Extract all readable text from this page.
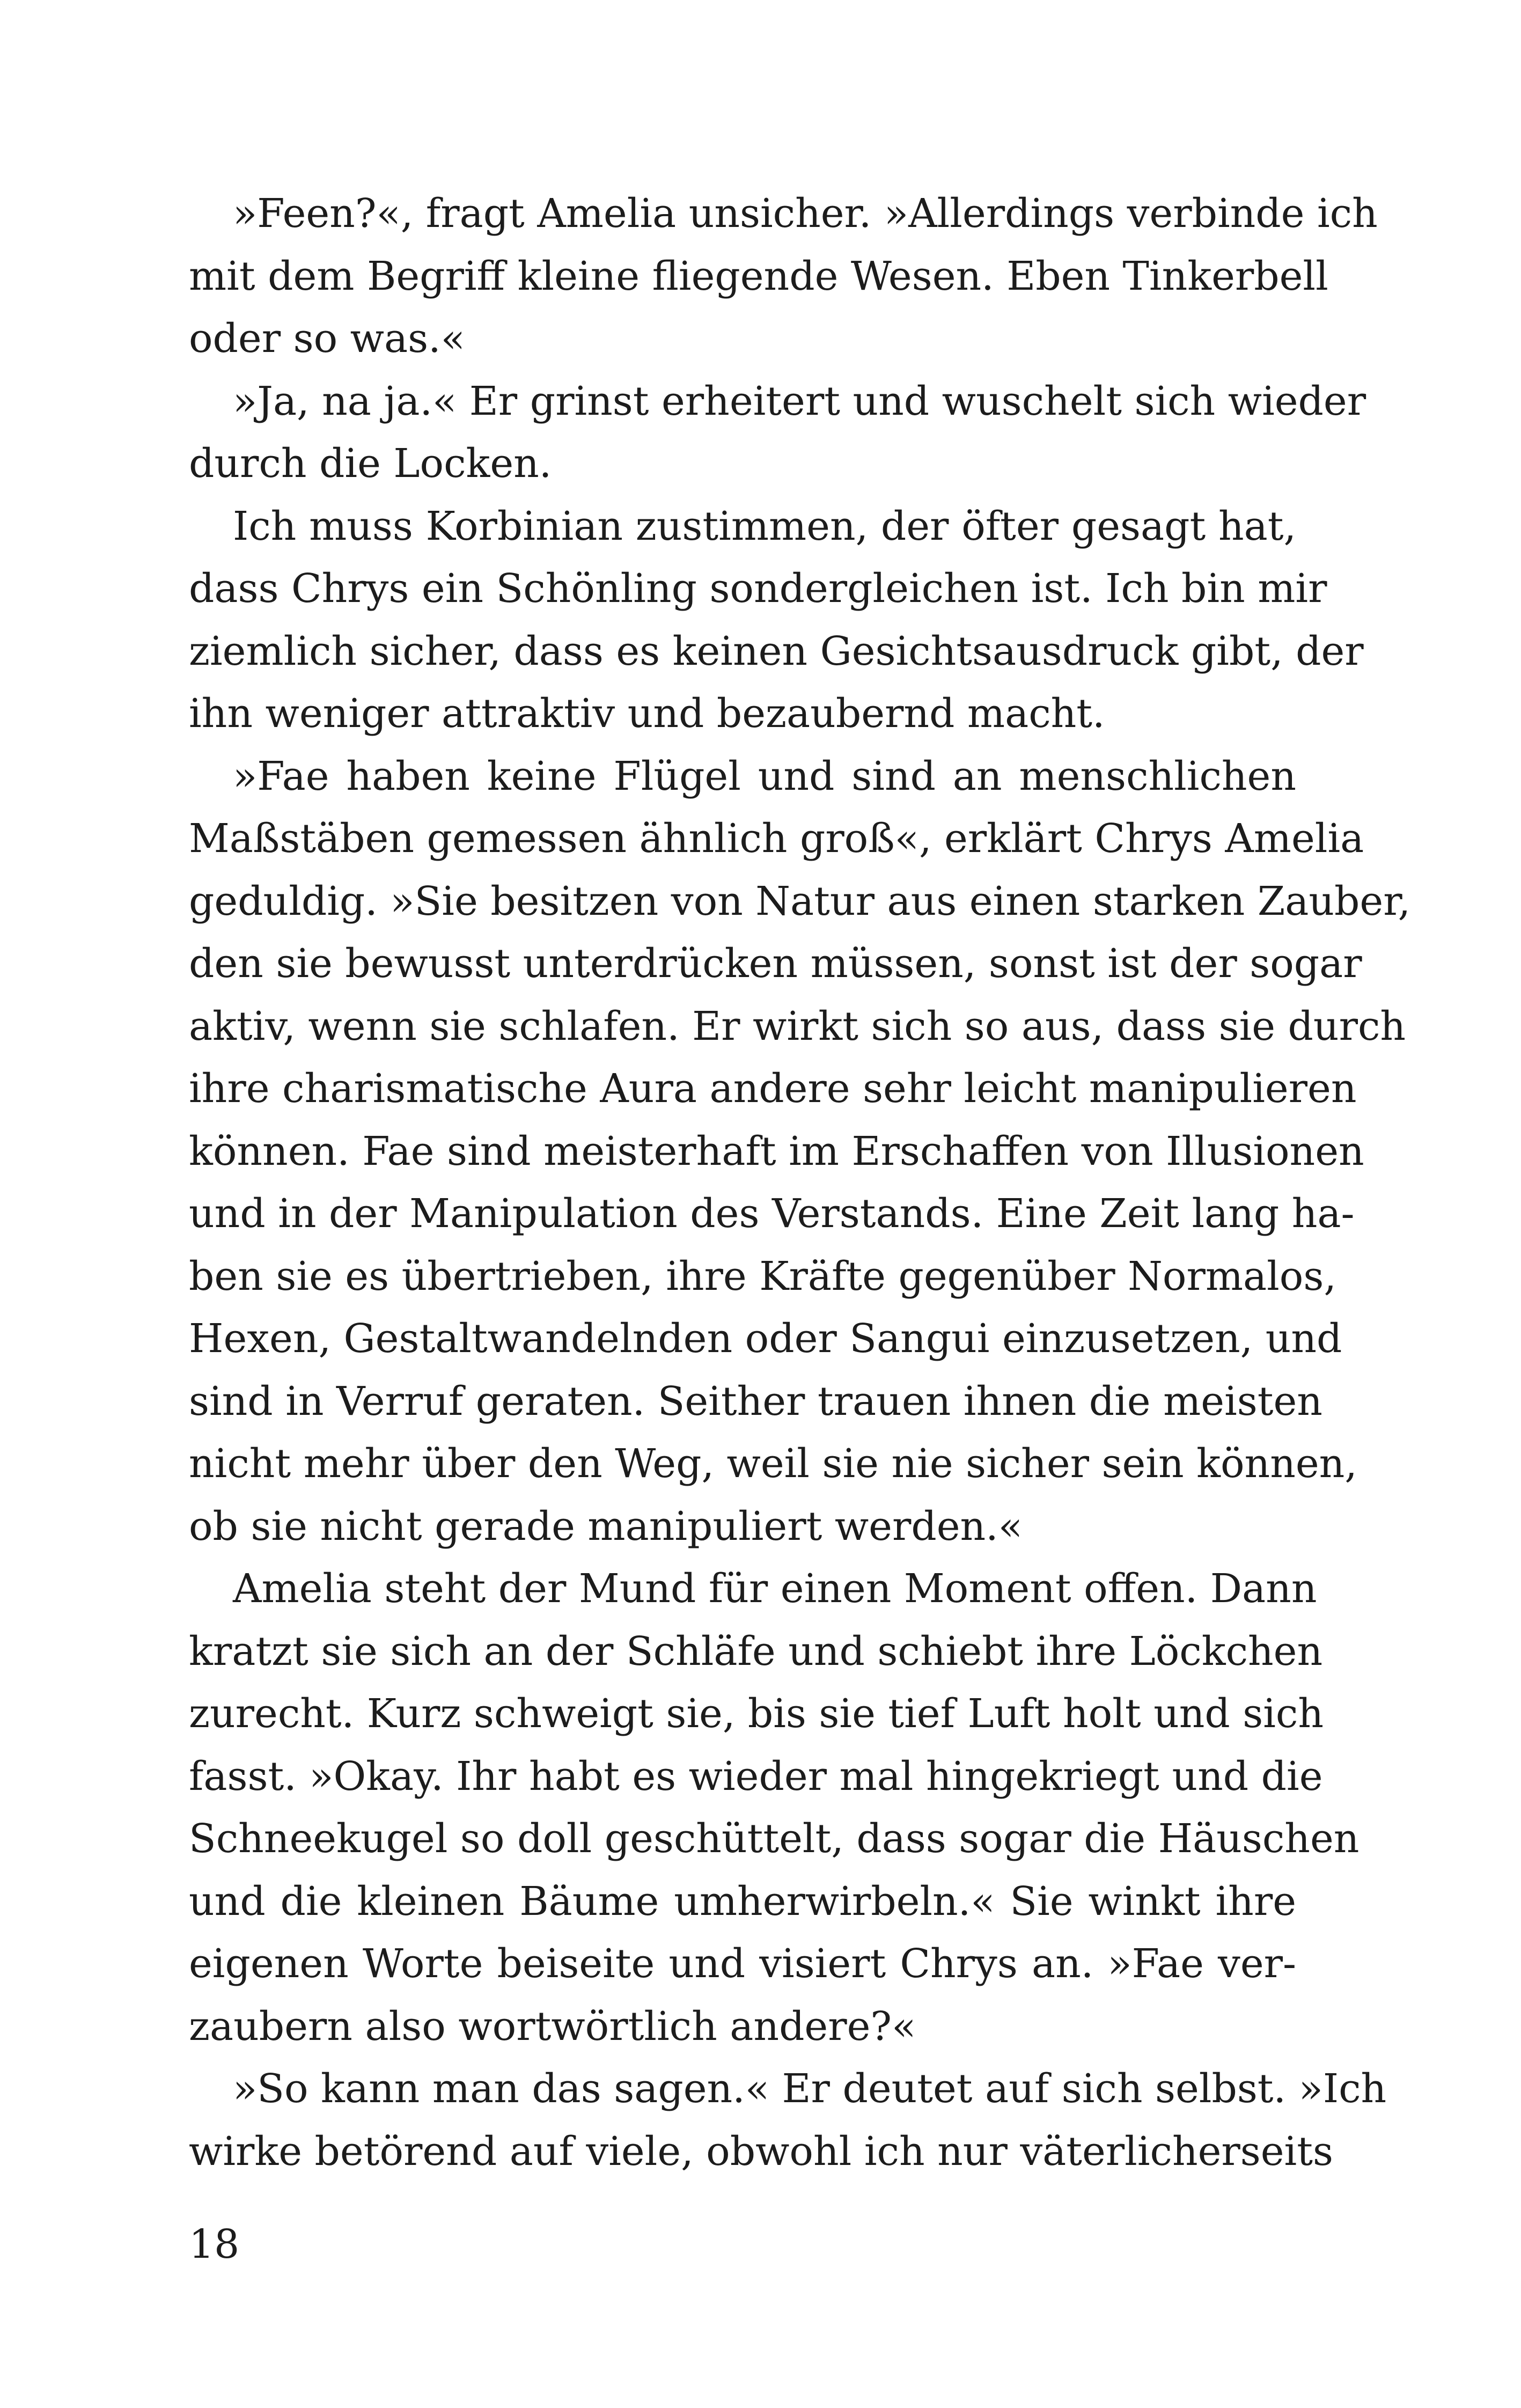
»Feen?«, fragt Amelia unsicher. »Allerdings verbinde ich
mit dem Begriff kleine fliegende Wesen. Eben Tinkerbell
oder so was.«
»Ja, na ja.« Er grinst erheitert und wuschelt sich wieder
durch die Locken.
Ich muss Korbinian zustimmen, der öfter gesagt hat,
dass Chrys ein Schönling sondergleichen ist. Ich bin mir
ziemlich sicher, dass es keinen Gesichtsausdruck gibt, der
ihn weniger attraktiv und bezaubernd macht.
»Fae haben keine Flügel und sind an menschlichen
Maßstäben gemessen ähnlich groß«, erklärt Chrys Amelia
geduldig. »Sie besitzen von Natur aus einen starken Zauber,
den sie bewusst unterdrücken müssen, sonst ist der sogar
aktiv, wenn sie schlafen. Er wirkt sich so aus, dass sie durch
ihre charismatische Aura andere sehr leicht manipulieren
können. Fae sind meisterhaft im Erschaffen von Illusionen
und in der Manipulation des Verstands. Eine Zeit lang ha-
ben sie es übertrieben, ihre Kräfte gegenüber Normalos,
Hexen, Gestaltwandelnden oder Sangui einzusetzen, und
sind in Verruf geraten. Seither trauen ihnen die meisten
nicht mehr über den Weg, weil sie nie sicher sein können,
ob sie nicht gerade manipuliert werden.«
Amelia steht der Mund für einen Moment offen. Dann
kratzt sie sich an der Schläfe und schiebt ihre Löckchen
zurecht. Kurz schweigt sie, bis sie tief Luft holt und sich
fasst. »Okay. Ihr habt es wieder mal hingekriegt und die
Schneekugel so doll geschüttelt, dass sogar die Häuschen
und die kleinen Bäume umherwirbeln.« Sie winkt ihre
eigenen Worte beiseite und visiert Chrys an. »Fae ver-
zaubern also wortwörtlich andere?«
»So kann man das sagen.« Er deutet auf sich selbst. »Ich
wirke betörend auf viele, obwohl ich nur väterlicherseits
18
